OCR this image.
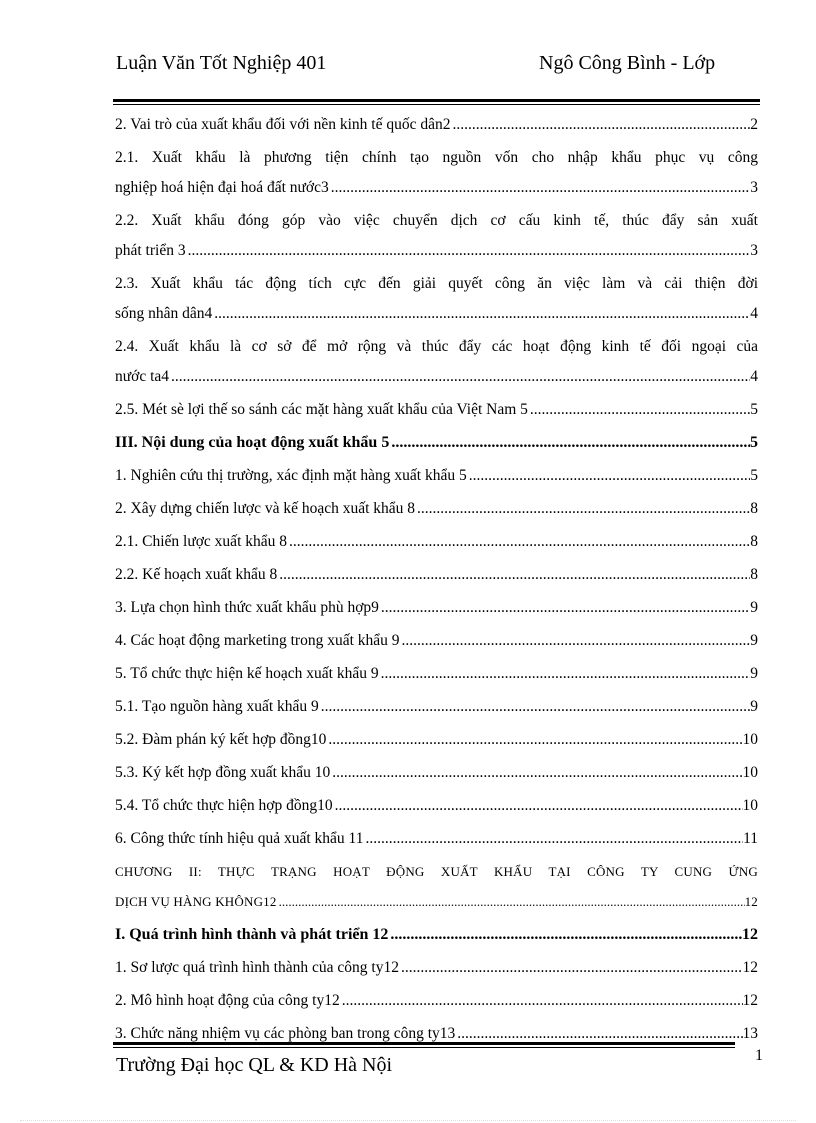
Luận Văn Tốt Nghiệp 401	Ngô Công Bình - Lớp
2. Vai trò của xuất khẩu đối với nền kinh tế quốc dân2 .....	2
2.1. Xuất khẩu là phương tiện chính tạo nguồn vốn cho nhập khẩu phục vụ công
nghiệp hoá hiện đại hoá đất nước3 .....	3
2.2. Xuất khẩu đóng góp vào việc chuyển dịch cơ cấu kinh tế, thúc đẩy sản xuất
phát triển 3 .....	3
2.3. Xuất khẩu tác động tích cực đến giải quyết công ăn việc làm và cải thiện đời
sống nhân dân4 .....	4
2.4. Xuất khẩu là cơ sở để mở rộng và thúc đẩy các hoạt động kinh tế đối ngoại của
nước ta4 .....	4
2.5. Mét sè lợi thế so sánh các mặt hàng xuất khẩu của Việt Nam 5 .....	5
III. Nội dung của hoạt động xuất khẩu 5 .....	5
1. Nghiên cứu thị trường, xác định mặt hàng xuất khẩu 5 .....	5
2. Xây dựng chiến lược và kế hoạch xuất khẩu 8 .....	8
2.1. Chiến lược xuất khẩu 8 .....	8
2.2. Kế hoạch xuất khẩu 8 .....	8
3. Lựa chọn hình thức xuất khẩu phù hợp9 .....	9
4. Các hoạt động marketing trong xuất khẩu 9 .....	9
5. Tổ chức thực hiện kế hoạch xuất khẩu 9 .....	9
5.1. Tạo nguồn hàng xuất khẩu 9 .....	9
5.2. Đàm phán ký kết hợp đồng10 .....	10
5.3. Ký kết hợp đồng xuất khẩu 10 .....	10
5.4. Tổ chức thực hiện hợp đồng10 .....	10
6. Công thức tính hiệu quả xuất khẩu 11 .....	11
CHƯƠNG II: THỰC TRẠNG HOẠT ĐỘNG XUẤT KHẨU TẠI CÔNG TY CUNG ỨNG
DỊCH VỤ HÀNG KHÔNG12 .....	12
I. Quá trình hình thành và phát triển 12 .....	12
1. Sơ lược quá trình hình thành của công ty12 .....	12
2. Mô hình hoạt động của công ty12 .....	12
3. Chức năng nhiệm vụ các phòng ban trong công ty13 .....	13
Trường Đại học QL & KD Hà Nội	1
